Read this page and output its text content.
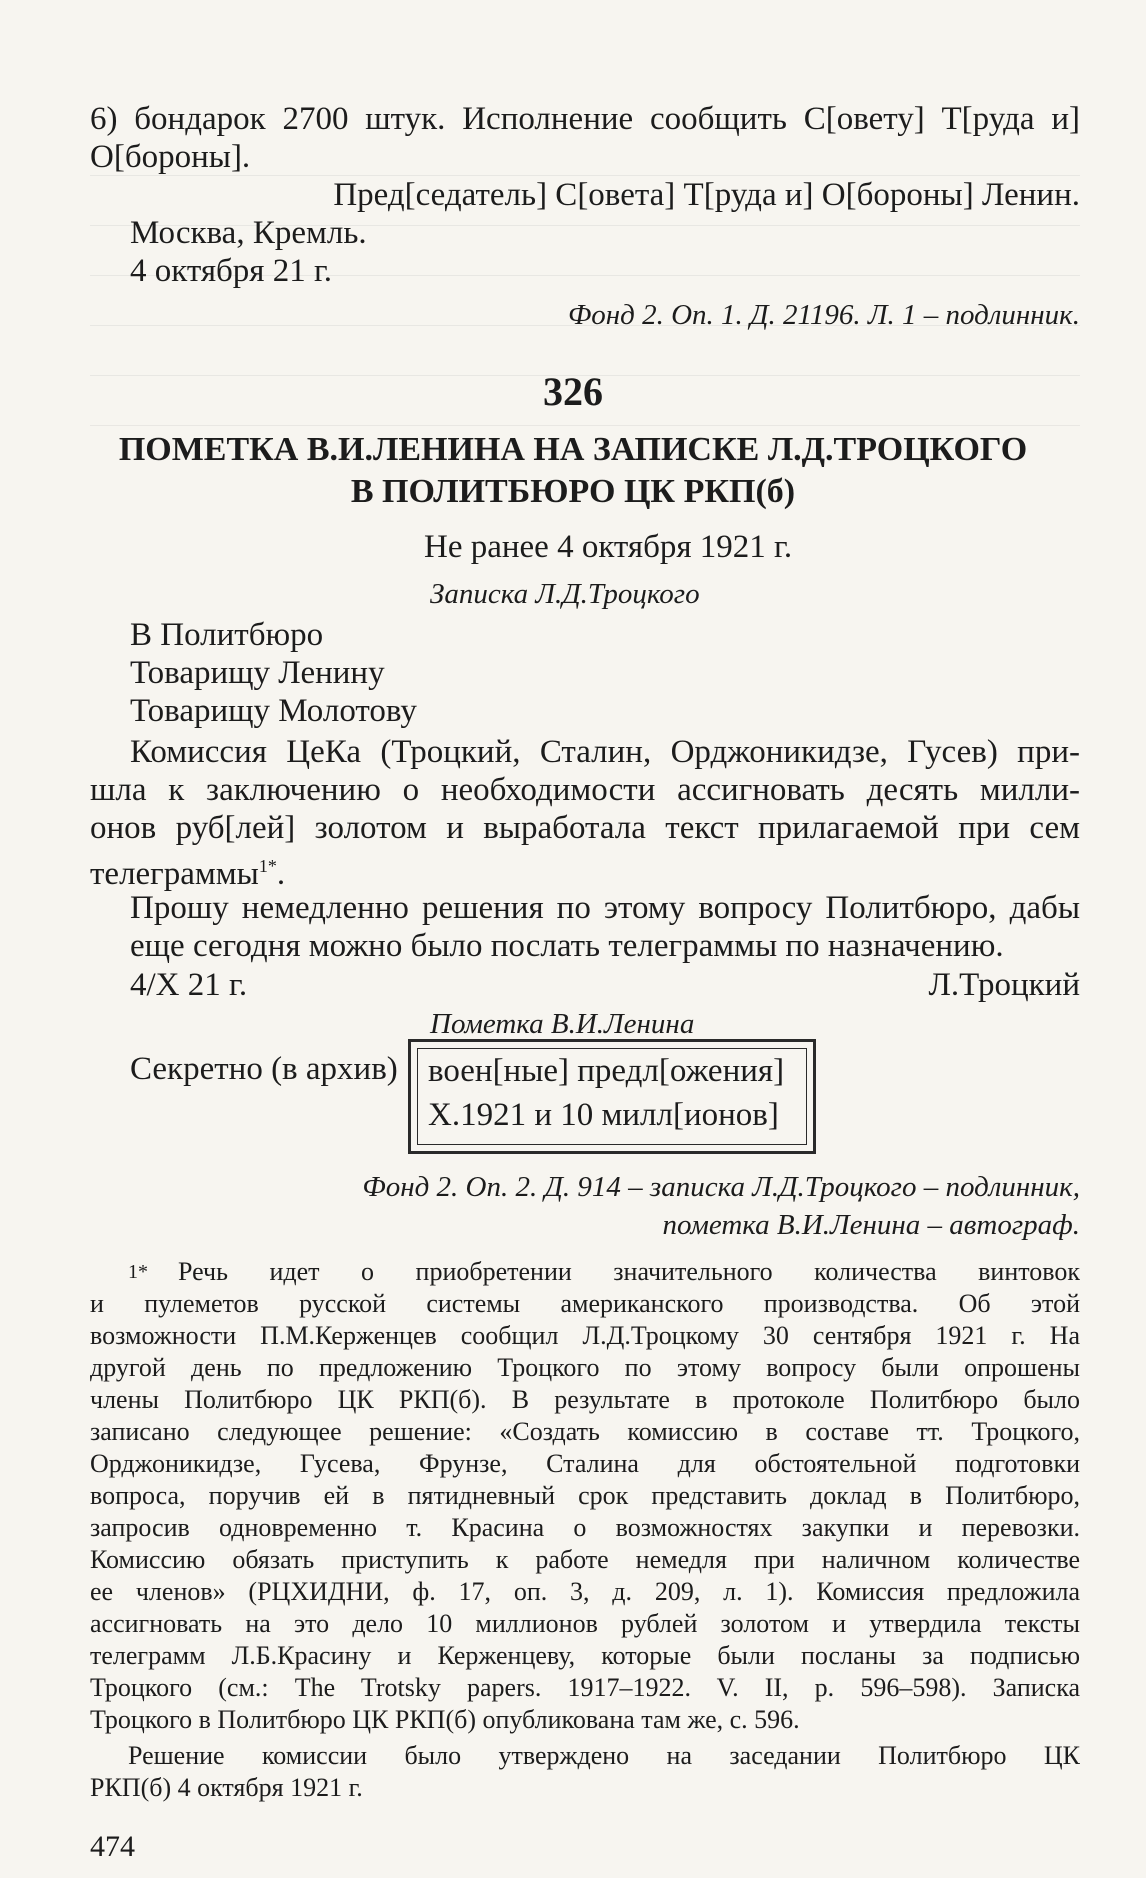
6) бондарок 2700 штук. Исполнение сообщить С[овету] Т[руда и]
О[бороны].
Пред[седатель] С[овета] Т[руда и] О[бороны] Ленин.
Москва, Кремль.
4 октября 21 г.
Фонд 2. Оп. 1. Д. 21196. Л. 1 – подлинник.
326
ПОМЕТКА В.И.ЛЕНИНА НА ЗАПИСКЕ Л.Д.ТРОЦКОГО
В ПОЛИТБЮРО ЦК РКП(б)
Не ранее 4 октября 1921 г.
Записка Л.Д.Троцкого
В Политбюро
Товарищу Ленину
Товарищу Молотову
Комиссия ЦеКа (Троцкий, Сталин, Орджоникидзе, Гусев) при-
шла к заключению о необходимости ассигновать десять милли-
онов руб[лей] золотом и выработала текст прилагаемой при сем
телеграммы$^{1*}$.
Прошу немедленно решения по этому вопросу Политбюро, дабы
еще сегодня можно было послать телеграммы по назначению.
4/X 21 г.	Л.Троцкий
Пометка В.И.Ленина
Секретно (в архив) воен[ные] предл[ожения]
Х.1921 и 10 милл[ионов]
Фонд 2. Оп. 2. Д. 914 – записка Л.Д.Троцкого – подлинник,
пометка В.И.Ленина – автограф.
1* Речь идет о приобретении значительного количества винтовок
и пулеметов русской системы американского производства. Об этой
возможности П.М.Керженцев сообщил Л.Д.Троцкому 30 сентября 1921 г. На
другой день по предложению Троцкого по этому вопросу были опрошены
члены Политбюро ЦК РКП(б). В результате в протоколе Политбюро было
записано следующее решение: «Создать комиссию в составе тт. Троцкого,
Орджоникидзе, Гусева, Фрунзе, Сталина для обстоятельной подготовки
вопроса, поручив ей в пятидневный срок представить доклад в Политбюро,
запросив одновременно т. Красина о возможностях закупки и перевозки.
Комиссию обязать приступить к работе немедля при наличном количестве
ее членов» (РЦХИДНИ, ф. 17, оп. 3, д. 209, л. 1). Комиссия предложила
ассигновать на это дело 10 миллионов рублей золотом и утвердила тексты
телеграмм Л.Б.Красину и Керженцеву, которые были посланы за подписью
Троцкого (см.: The Trotsky papers. 1917–1922. V. II, p. 596–598). Записка
Троцкого в Политбюро ЦК РКП(б) опубликована там же, с. 596.
Решение комиссии было утверждено на заседании Политбюро ЦК
РКП(б) 4 октября 1921 г.
474
